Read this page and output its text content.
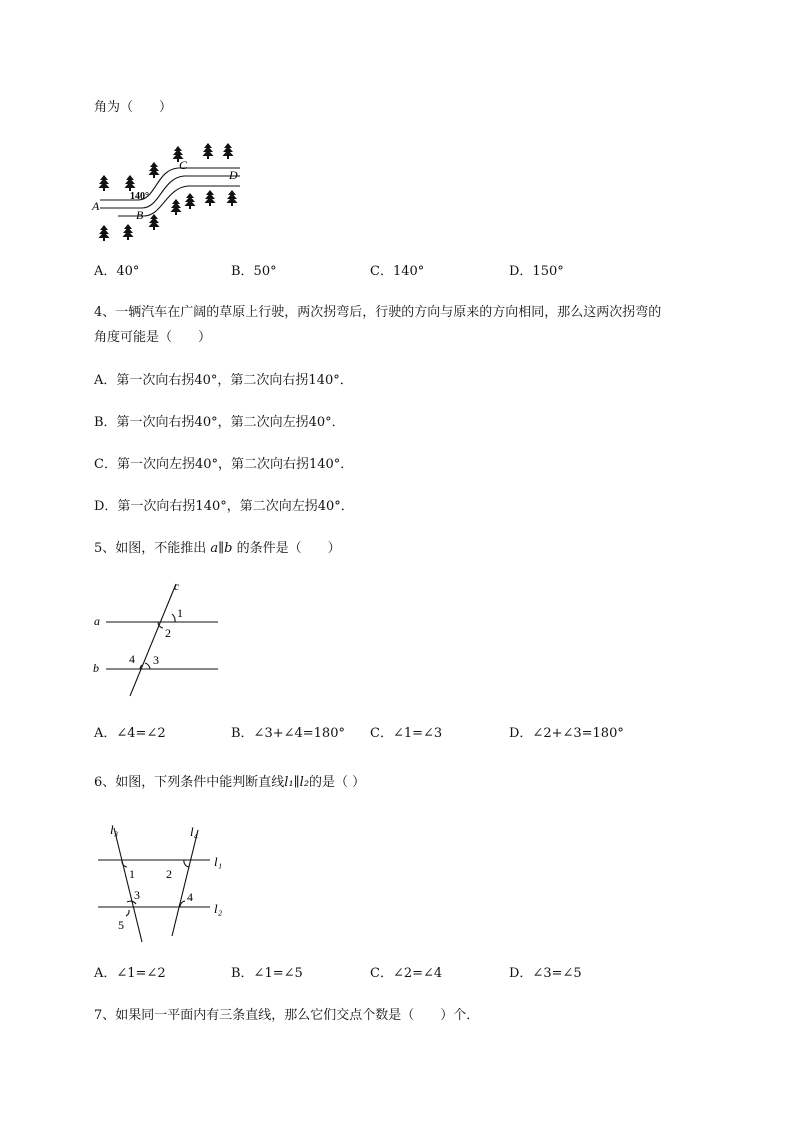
角为（　　）
A
B
C
D
140°
A．40°	B．50°	C．140°	D．150°
4、一辆汽车在广阔的草原上行驶，两次拐弯后，行驶的方向与原来的方向相同，那么这两次拐弯的
角度可能是（　　）
A．第一次向右拐40°，第二次向右拐140°．
B．第一次向右拐40°，第二次向左拐40°．
C．第一次向左拐40°，第二次向右拐140°．
D．第一次向右拐140°，第二次向左拐40°．
5、如图，不能推出 a∥b 的条件是（　　）
c
a
b
1
2
4 3
A．∠4=∠2	B．∠3+∠4=180° C．∠1=∠3	D．∠2+∠3=180°
6、如图，下列条件中能判断直线l₁∥l₂的是（ ）
l₃	l₄
l₁
l₂
1	2
3	4
5
A．∠1=∠2	B．∠1=∠5	C．∠2=∠4	D．∠3=∠5
7、如果同一平面内有三条直线，那么它们交点个数是（　　）个．
